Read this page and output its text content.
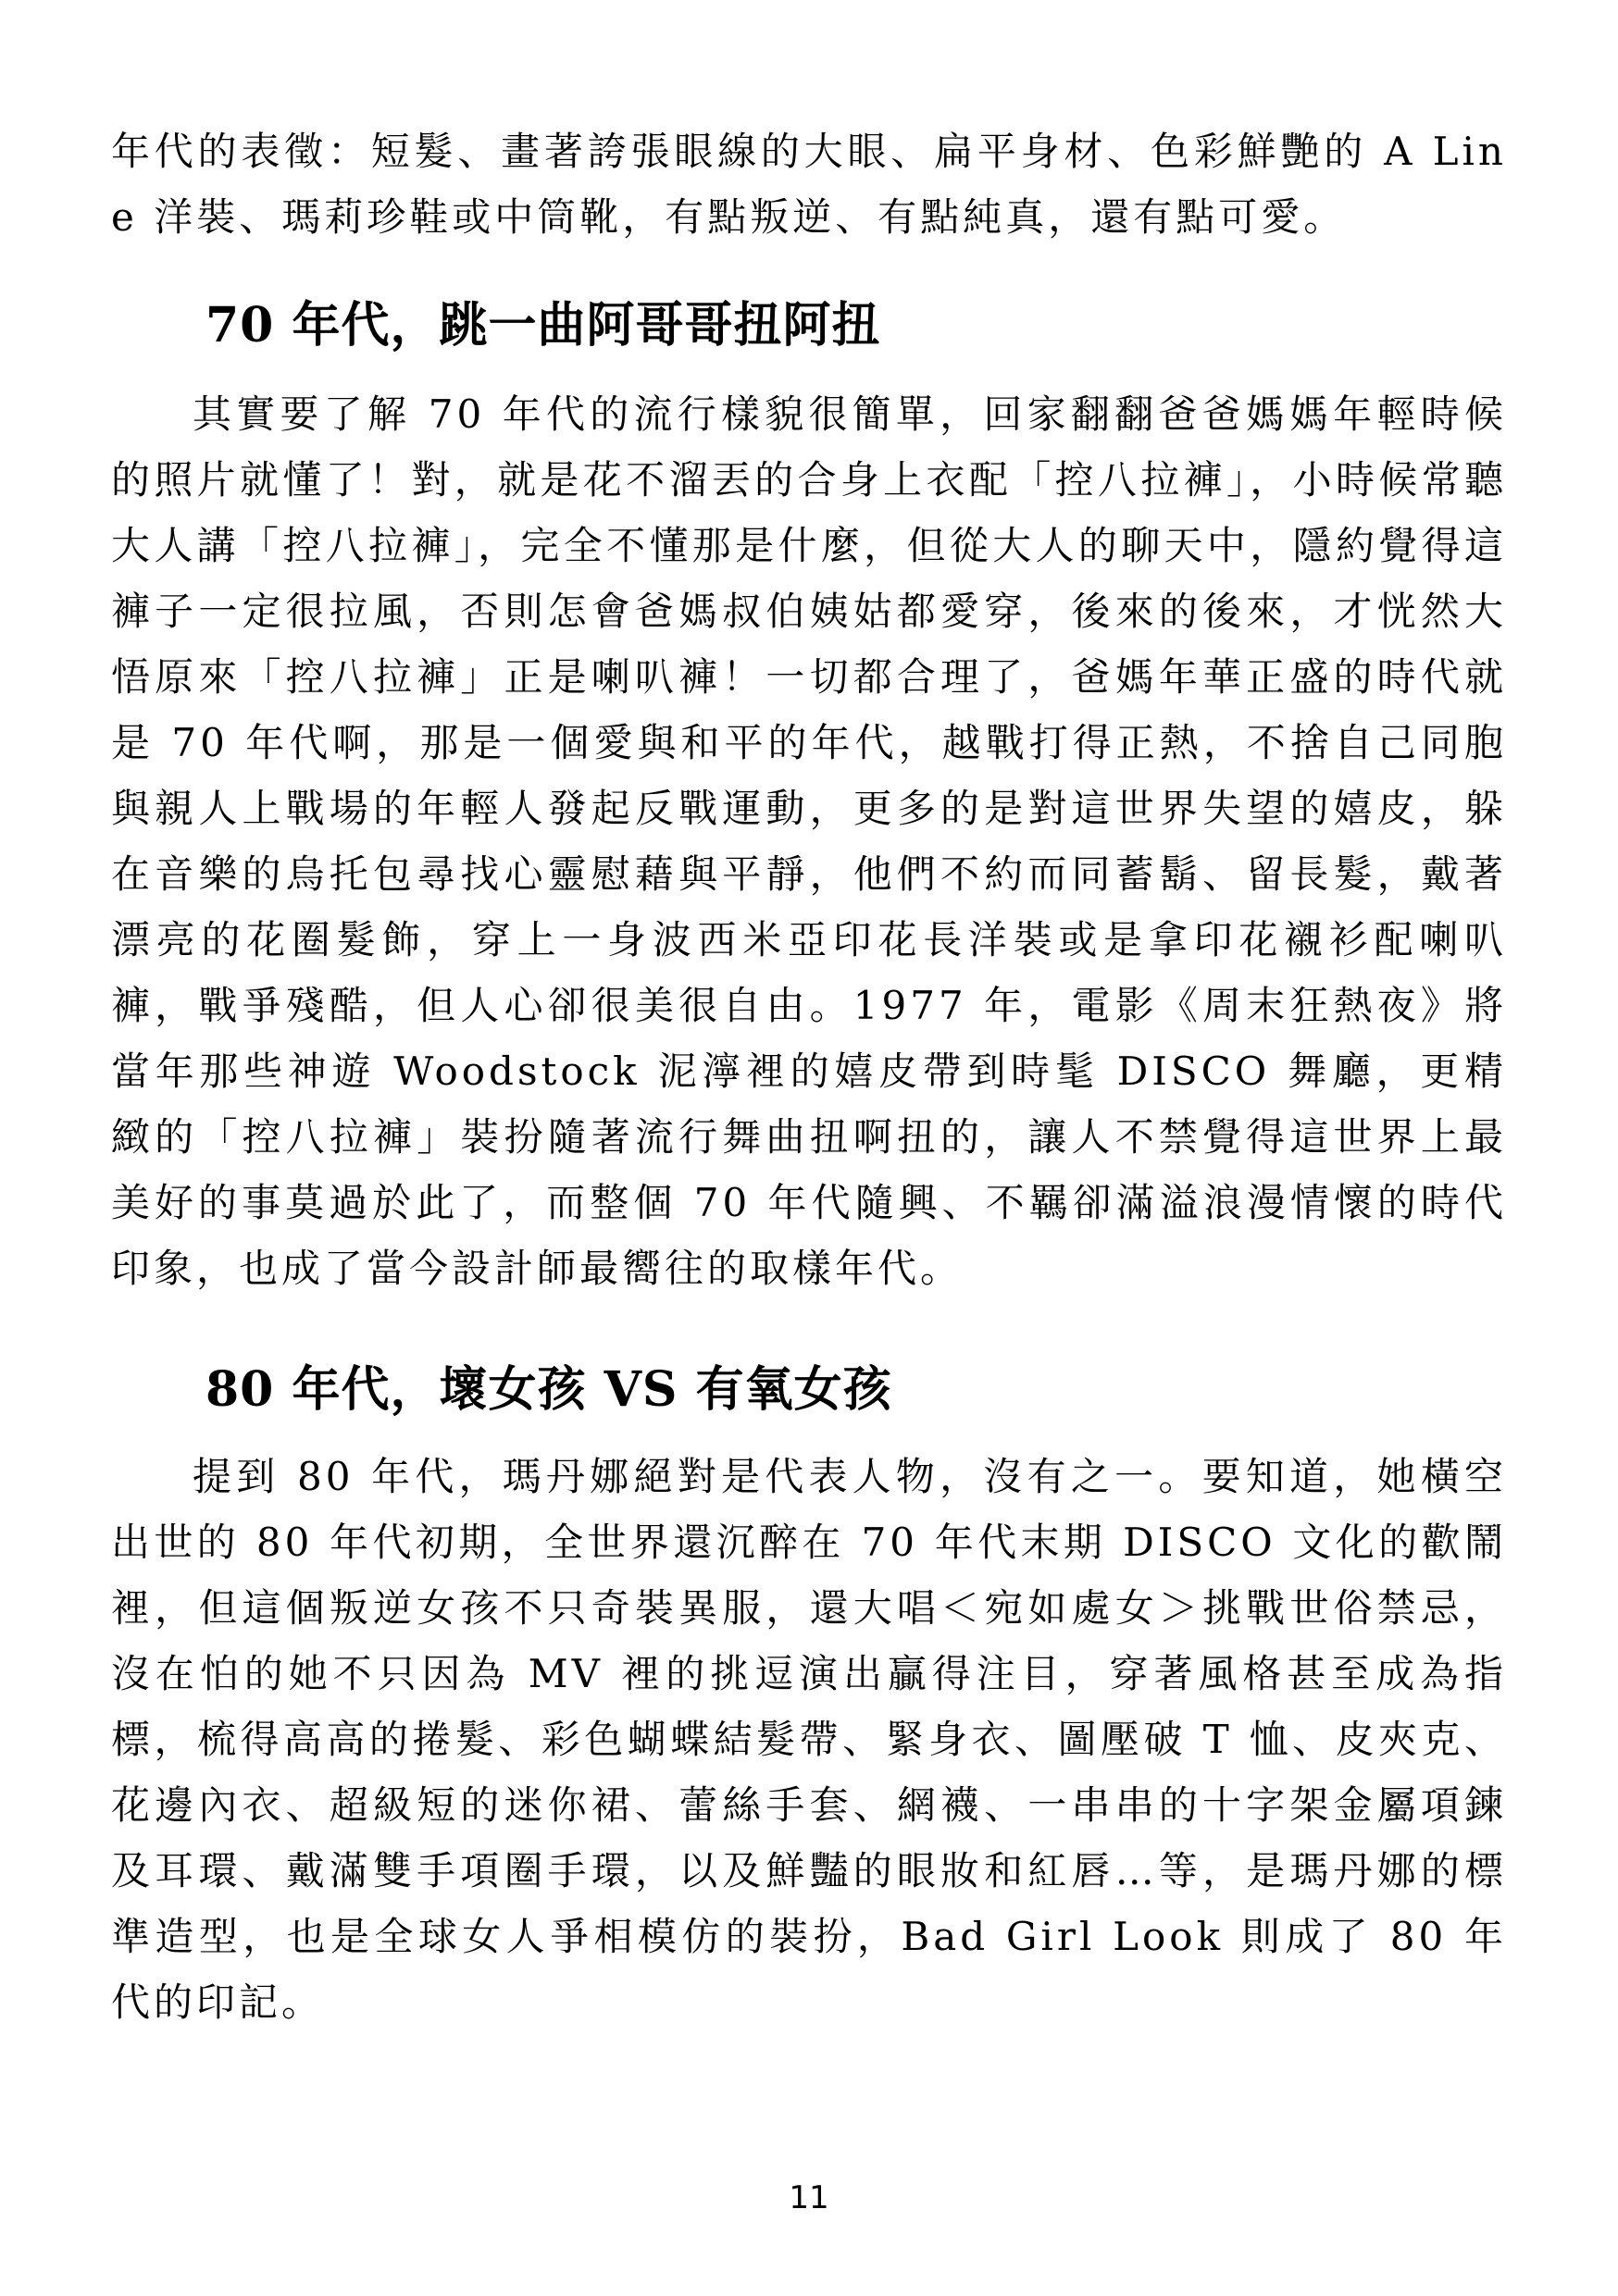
年代的表徵：短髮、畫著誇張眼線的大眼、扁平身材、色彩鮮艷的 A Line 洋裝、瑪莉珍鞋或中筒靴，有點叛逆、有點純真，還有點可愛。

70 年代，跳一曲阿哥哥扭阿扭

其實要了解 70 年代的流行樣貌很簡單，回家翻翻爸爸媽媽年輕時候的照片就懂了！對，就是花不溜丟的合身上衣配「控八拉褲」，小時候常聽大人講「控八拉褲」，完全不懂那是什麼，但從大人的聊天中，隱約覺得這褲子一定很拉風，否則怎會爸媽叔伯姨姑都愛穿，後來的後來，才恍然大悟原來「控八拉褲」正是喇叭褲！一切都合理了，爸媽年華正盛的時代就是 70 年代啊，那是一個愛與和平的年代，越戰打得正熱，不捨自己同胞與親人上戰場的年輕人發起反戰運動，更多的是對這世界失望的嬉皮，躲在音樂的烏托包尋找心靈慰藉與平靜，他們不約而同蓄鬍、留長髮，戴著漂亮的花圈髮飾，穿上一身波西米亞印花長洋裝或是拿印花襯衫配喇叭褲，戰爭殘酷，但人心卻很美很自由。1977 年，電影《周末狂熱夜》將當年那些神遊 Woodstock 泥濘裡的嬉皮帶到時髦 DISCO 舞廳，更精緻的「控八拉褲」裝扮隨著流行舞曲扭啊扭的，讓人不禁覺得這世界上最美好的事莫過於此了，而整個 70 年代隨興、不羈卻滿溢浪漫情懷的時代印象，也成了當今設計師最嚮往的取樣年代。

80 年代，壞女孩 VS 有氧女孩

提到 80 年代，瑪丹娜絕對是代表人物，沒有之一。要知道，她橫空出世的 80 年代初期，全世界還沉醉在 70 年代末期 DISCO 文化的歡鬧裡，但這個叛逆女孩不只奇裝異服，還大唱＜宛如處女＞挑戰世俗禁忌，沒在怕的她不只因為 MV 裡的挑逗演出贏得注目，穿著風格甚至成為指標，梳得高高的捲髮、彩色蝴蝶結髮帶、緊身衣、圖壓破 T 恤、皮夾克、花邊內衣、超級短的迷你裙、蕾絲手套、網襪、一串串的十字架金屬項鍊及耳環、戴滿雙手項圈手環，以及鮮豔的眼妝和紅唇…等，是瑪丹娜的標準造型，也是全球女人爭相模仿的裝扮，Bad Girl Look 則成了 80 年代的印記。

11
